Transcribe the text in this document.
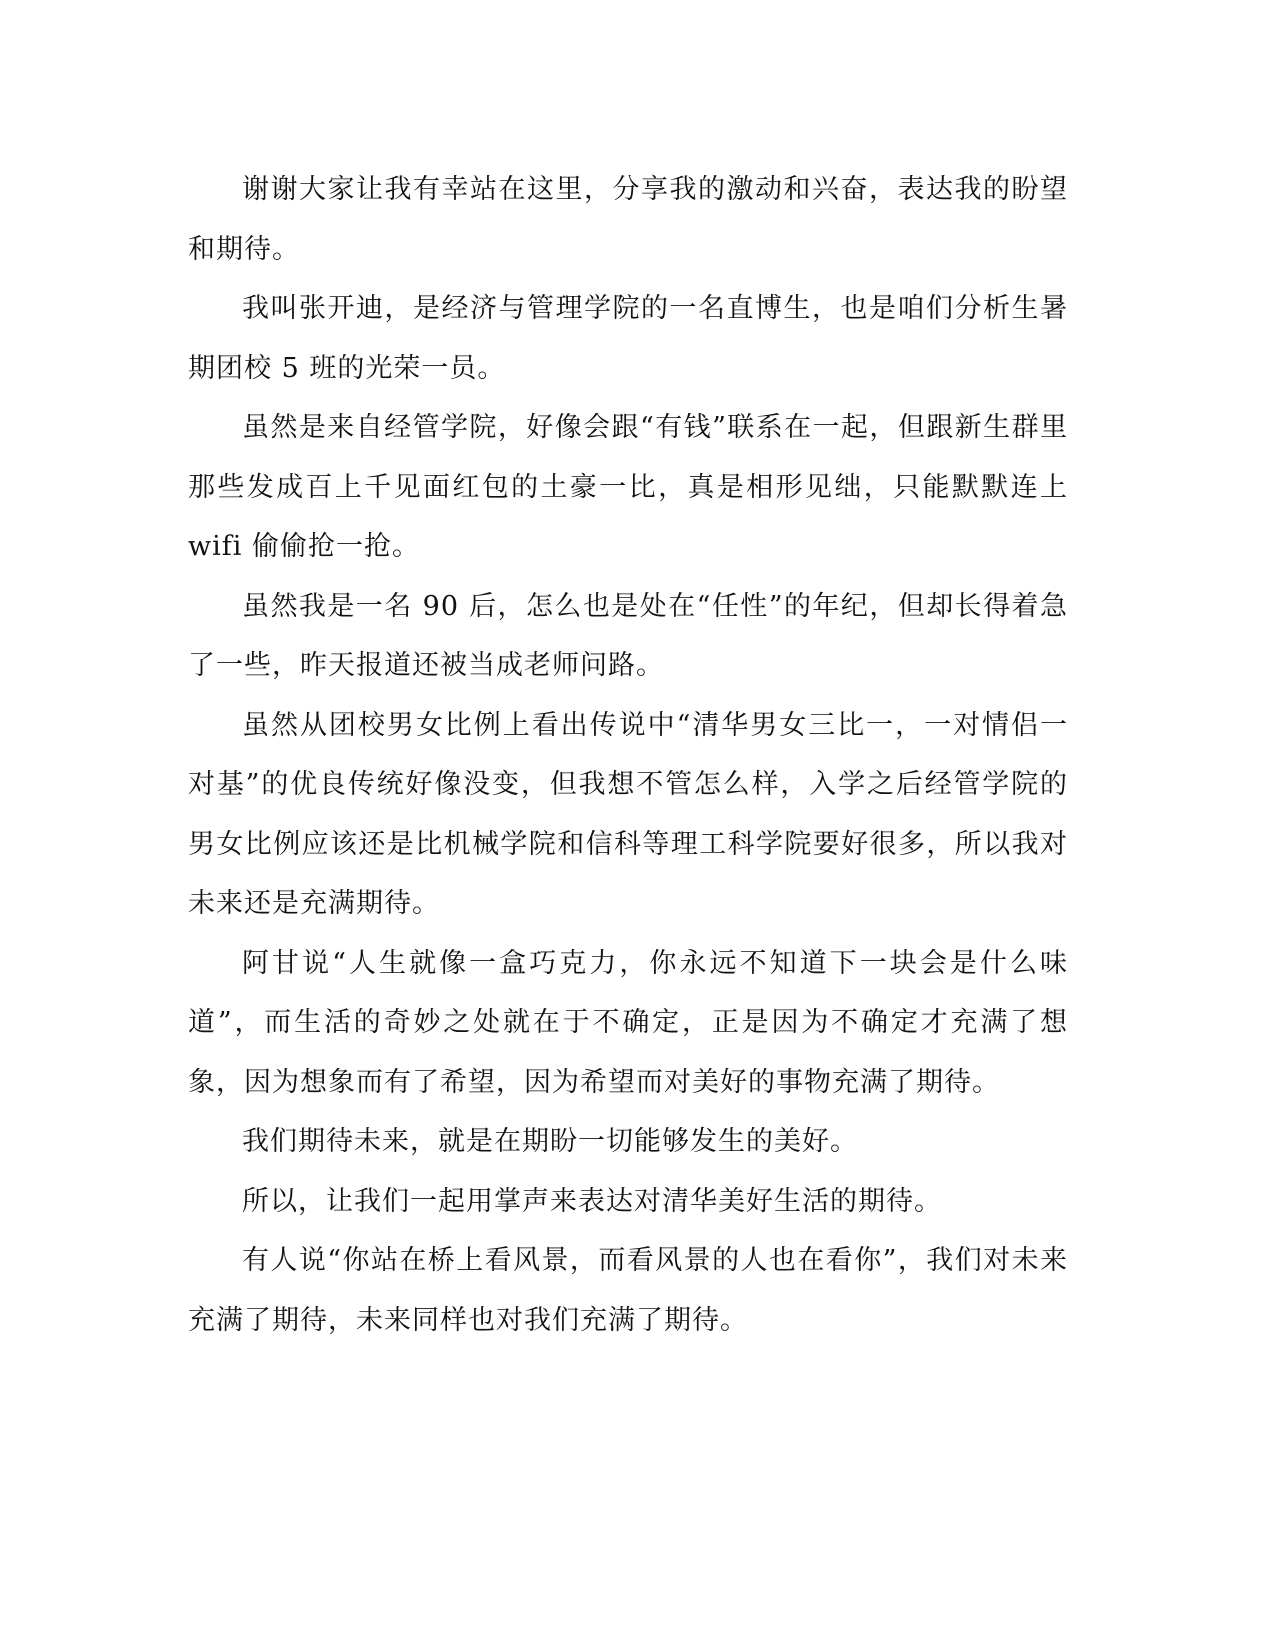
谢谢大家让我有幸站在这里，分享我的激动和兴奋，表达我的盼望和期待。

我叫张开迪，是经济与管理学院的一名直博生，也是咱们分析生暑期团校 5 班的光荣一员。

虽然是来自经管学院，好像会跟“有钱”联系在一起，但跟新生群里那些发成百上千见面红包的土豪一比，真是相形见绌，只能默默连上 wifi 偷偷抢一抢。

虽然我是一名 90 后，怎么也是处在“任性”的年纪，但却长得着急了一些，昨天报道还被当成老师问路。

虽然从团校男女比例上看出传说中“清华男女三比一，一对情侣一对基”的优良传统好像没变，但我想不管怎么样，入学之后经管学院的男女比例应该还是比机械学院和信科等理工科学院要好很多，所以我对未来还是充满期待。

阿甘说“人生就像一盒巧克力，你永远不知道下一块会是什么味道”，而生活的奇妙之处就在于不确定，正是因为不确定才充满了想象，因为想象而有了希望，因为希望而对美好的事物充满了期待。

我们期待未来，就是在期盼一切能够发生的美好。

所以，让我们一起用掌声来表达对清华美好生活的期待。

有人说“你站在桥上看风景，而看风景的人也在看你”，我们对未来充满了期待，未来同样也对我们充满了期待。
